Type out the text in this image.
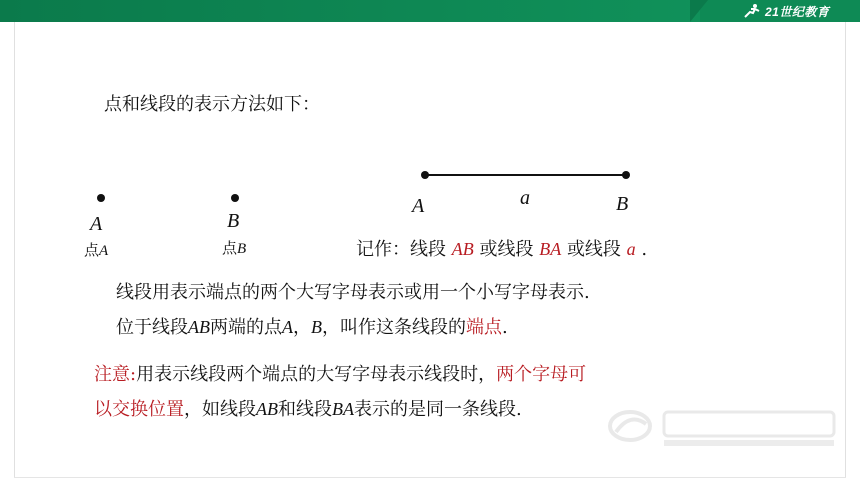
21世纪教育
点和线段的表示方法如下：
A
点A
B
点B
A	a	B
记作：线段 AB 或线段 BA 或线段 a .
线段用表示端点的两个大写字母表示或用一个小写字母表示.
位于线段AB两端的点A，B，叫作这条线段的端点.
注意:用表示线段两个端点的大写字母表示线段时，两个字母可
以交换位置，如线段AB和线段BA表示的是同一条线段.
